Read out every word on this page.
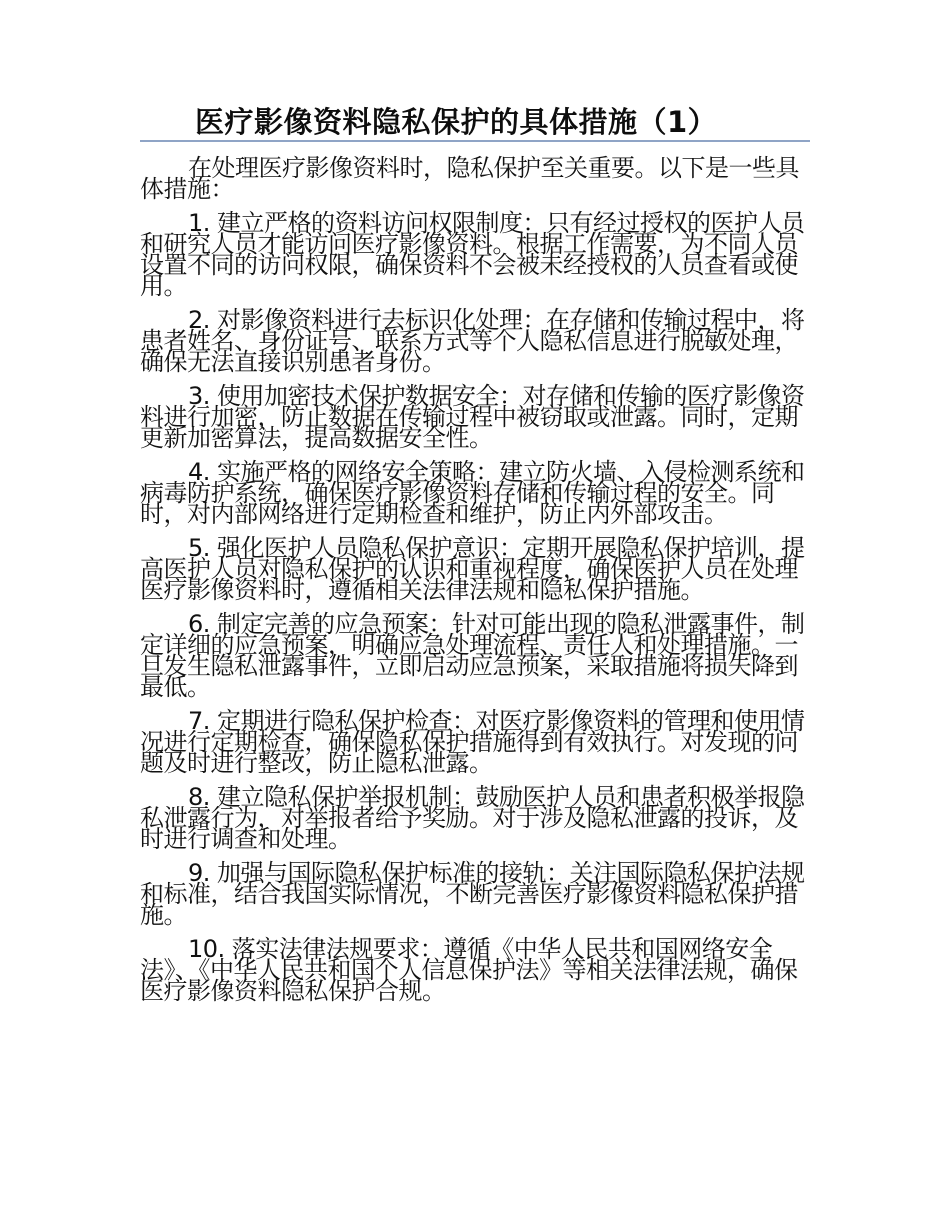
医疗影像资料隐私保护的具体措施（1）

在处理医疗影像资料时，隐私保护至关重要。以下是一些具体措施：

1. 建立严格的资料访问权限制度：只有经过授权的医护人员和研究人员才能访问医疗影像资料。根据工作需要，为不同人员设置不同的访问权限，确保资料不会被未经授权的人员查看或使用。

2. 对影像资料进行去标识化处理：在存储和传输过程中，将患者姓名、身份证号、联系方式等个人隐私信息进行脱敏处理，确保无法直接识别患者身份。

3. 使用加密技术保护数据安全：对存储和传输的医疗影像资料进行加密，防止数据在传输过程中被窃取或泄露。同时，定期更新加密算法，提高数据安全性。

4. 实施严格的网络安全策略：建立防火墙、入侵检测系统和病毒防护系统，确保医疗影像资料存储和传输过程的安全。同时，对内部网络进行定期检查和维护，防止内外部攻击。

5. 强化医护人员隐私保护意识：定期开展隐私保护培训，提高医护人员对隐私保护的认识和重视程度，确保医护人员在处理医疗影像资料时，遵循相关法律法规和隐私保护措施。

6. 制定完善的应急预案：针对可能出现的隐私泄露事件，制定详细的应急预案，明确应急处理流程、责任人和处理措施。一旦发生隐私泄露事件，立即启动应急预案，采取措施将损失降到最低。

7. 定期进行隐私保护检查：对医疗影像资料的管理和使用情况进行定期检查，确保隐私保护措施得到有效执行。对发现的问题及时进行整改，防止隐私泄露。

8. 建立隐私保护举报机制：鼓励医护人员和患者积极举报隐私泄露行为，对举报者给予奖励。对于涉及隐私泄露的投诉，及时进行调查和处理。

9. 加强与国际隐私保护标准的接轨：关注国际隐私保护法规和标准，结合我国实际情况，不断完善医疗影像资料隐私保护措施。

10. 落实法律法规要求：遵循《中华人民共和国网络安全法》、《中华人民共和国个人信息保护法》等相关法律法规，确保医疗影像资料隐私保护合规。
